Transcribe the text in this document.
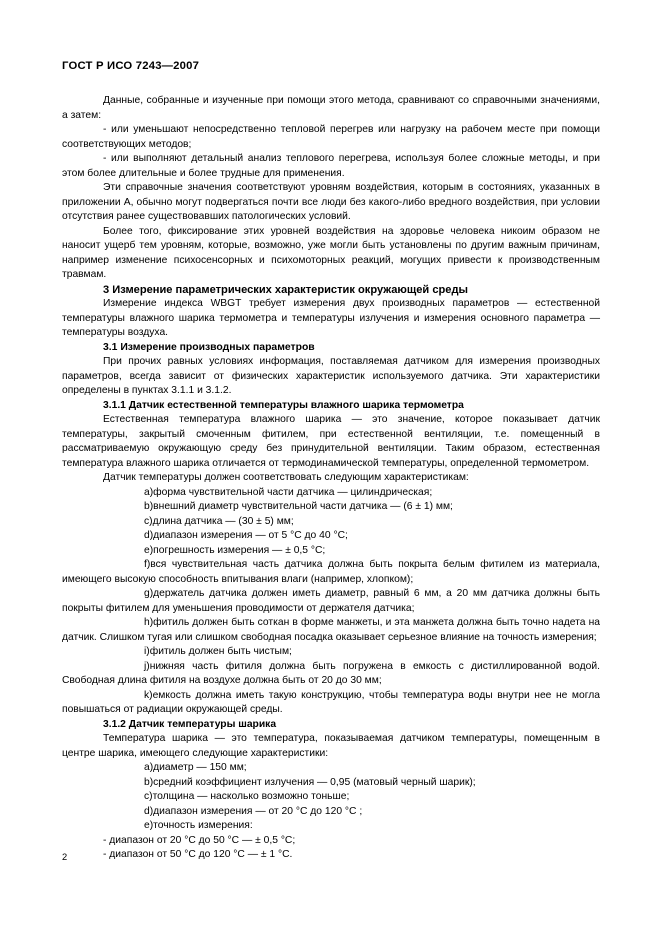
ГОСТ Р ИСО 7243—2007

Данные, собранные и изученные при помощи этого метода, сравнивают со справочными значениями, а затем:

- или уменьшают непосредственно тепловой перегрев или нагрузку на рабочем месте при помощи соответствующих методов;

- или выполняют детальный анализ теплового перегрева, используя более сложные методы, и при этом более длительные и более трудные для применения.

Эти справочные значения соответствуют уровням воздействия, которым в состояниях, указанных в приложении А, обычно могут подвергаться почти все люди без какого-либо вредного воздействия, при условии отсутствия ранее существовавших патологических условий.

Более того, фиксирование этих уровней воздействия на здоровье человека никоим образом не наносит ущерб тем уровням, которые, возможно, уже могли быть установлены по другим важным причинам, например изменение психосенсорных и психомоторных реакций, могущих привести к производственным травмам.

3 Измерение параметрических характеристик окружающей среды

Измерение индекса WBGT требует измерения двух производных параметров — естественной температуры влажного шарика термометра и температуры излучения и измерения основного параметра — температуры воздуха.

3.1 Измерение производных параметров

При прочих равных условиях информация, поставляемая датчиком для измерения производных параметров, всегда зависит от физических характеристик используемого датчика. Эти характеристики определены в пунктах 3.1.1 и 3.1.2.

3.1.1 Датчик естественной температуры влажного шарика термометра

Естественная температура влажного шарика — это значение, которое показывает датчик температуры, закрытый смоченным фитилем, при естественной вентиляции, т.е. помещенный в рассматриваемую окружающую среду без принудительной вентиляции. Таким образом, естественная температура влажного шарика отличается от термодинамической температуры, определенной термометром.

Датчик температуры должен соответствовать следующим характеристикам:

a)форма чувствительной части датчика — цилиндрическая;

b)внешний диаметр чувствительной части датчика — (6 ± 1) мм;

c)длина датчика — (30 ± 5) мм;

d)диапазон измерения — от 5 °С до 40 °С;

e)погрешность измерения — ± 0,5 °С;

f)вся чувствительная часть датчика должна быть покрыта белым фитилем из материала, имеющего высокую способность впитывания влаги (например, хлопком);

g)держатель датчика должен иметь диаметр, равный 6 мм, а 20 мм датчика должны быть покрыты фитилем для уменьшения проводимости от держателя датчика;

h)фитиль должен быть соткан в форме манжеты, и эта манжета должна быть точно надета на датчик. Слишком тугая или слишком свободная посадка оказывает серьезное влияние на точность измерения;

i)фитиль должен быть чистым;

j)нижняя часть фитиля должна быть погружена в емкость с дистиллированной водой. Свободная длина фитиля на воздухе должна быть от 20 до 30 мм;

k)емкость должна иметь такую конструкцию, чтобы температура воды внутри нее не могла повышаться от радиации окружающей среды.

3.1.2 Датчик температуры шарика

Температура шарика — это температура, показываемая датчиком температуры, помещенным в центре шарика, имеющего следующие характеристики:

a)диаметр — 150 мм;

b)средний коэффициент излучения — 0,95 (матовый черный шарик);

c)толщина — насколько возможно тоньше;

d)диапазон измерения — от 20 °С до 120 °С ;

e)точность измерения:

- диапазон от 20 °С до 50 °С — ± 0,5 °С;

- диапазон от 50 °С до 120 °С — ± 1 °С.

2
